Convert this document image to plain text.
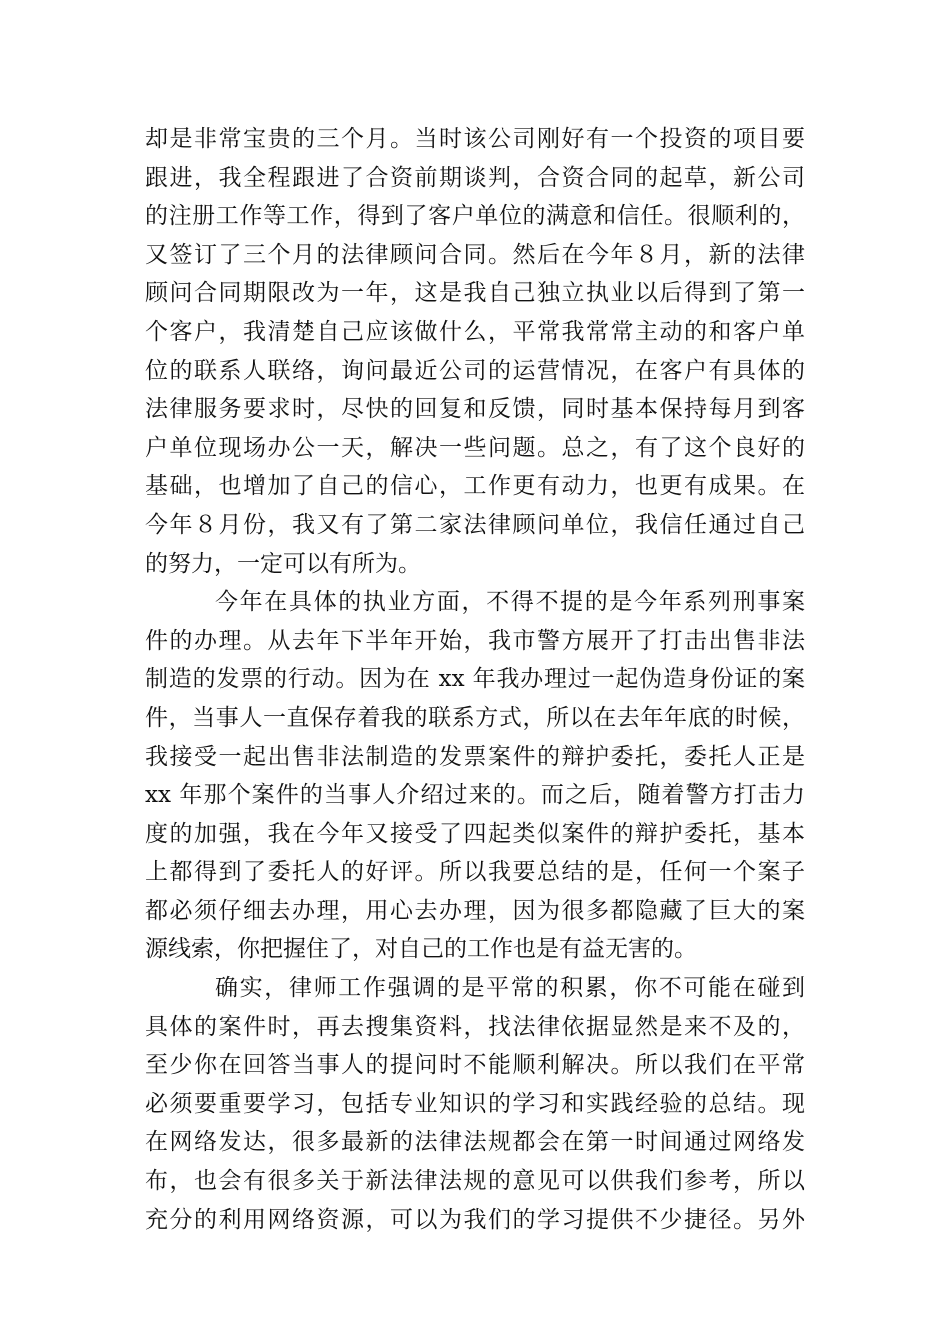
却是非常宝贵的三个月。当时该公司刚好有一个投资的项目要
跟进，我全程跟进了合资前期谈判，合资合同的起草，新公司
的注册工作等工作，得到了客户单位的满意和信任。很顺利的，
又签订了三个月的法律顾问合同。然后在今年８月，新的法律
顾问合同期限改为一年，这是我自己独立执业以后得到了第一
个客户，我清楚自己应该做什么，平常我常常主动的和客户单
位的联系人联络，询问最近公司的运营情况，在客户有具体的
法律服务要求时，尽快的回复和反馈，同时基本保持每月到客
户单位现场办公一天，解决一些问题。总之，有了这个良好的
基础，也增加了自己的信心，工作更有动力，也更有成果。在
今年８月份，我又有了第二家法律顾问单位，我信任通过自己
的努力，一定可以有所为。
今年在具体的执业方面，不得不提的是今年系列刑事案
件的办理。从去年下半年开始，我市警方展开了打击出售非法
制造的发票的行动。因为在 xx 年我办理过一起伪造身份证的案
件，当事人一直保存着我的联系方式，所以在去年年底的时候，
我接受一起出售非法制造的发票案件的辩护委托，委托人正是
xx 年那个案件的当事人介绍过来的。而之后，随着警方打击力
度的加强，我在今年又接受了四起类似案件的辩护委托，基本
上都得到了委托人的好评。所以我要总结的是，任何一个案子
都必须仔细去办理，用心去办理，因为很多都隐藏了巨大的案
源线索，你把握住了，对自己的工作也是有益无害的。
确实，律师工作强调的是平常的积累，你不可能在碰到
具体的案件时，再去搜集资料，找法律依据显然是来不及的，
至少你在回答当事人的提问时不能顺利解决。所以我们在平常
必须要重要学习，包括专业知识的学习和实践经验的总结。现
在网络发达，很多最新的法律法规都会在第一时间通过网络发
布，也会有很多关于新法律法规的意见可以供我们参考，所以
充分的利用网络资源，可以为我们的学习提供不少捷径。另外
